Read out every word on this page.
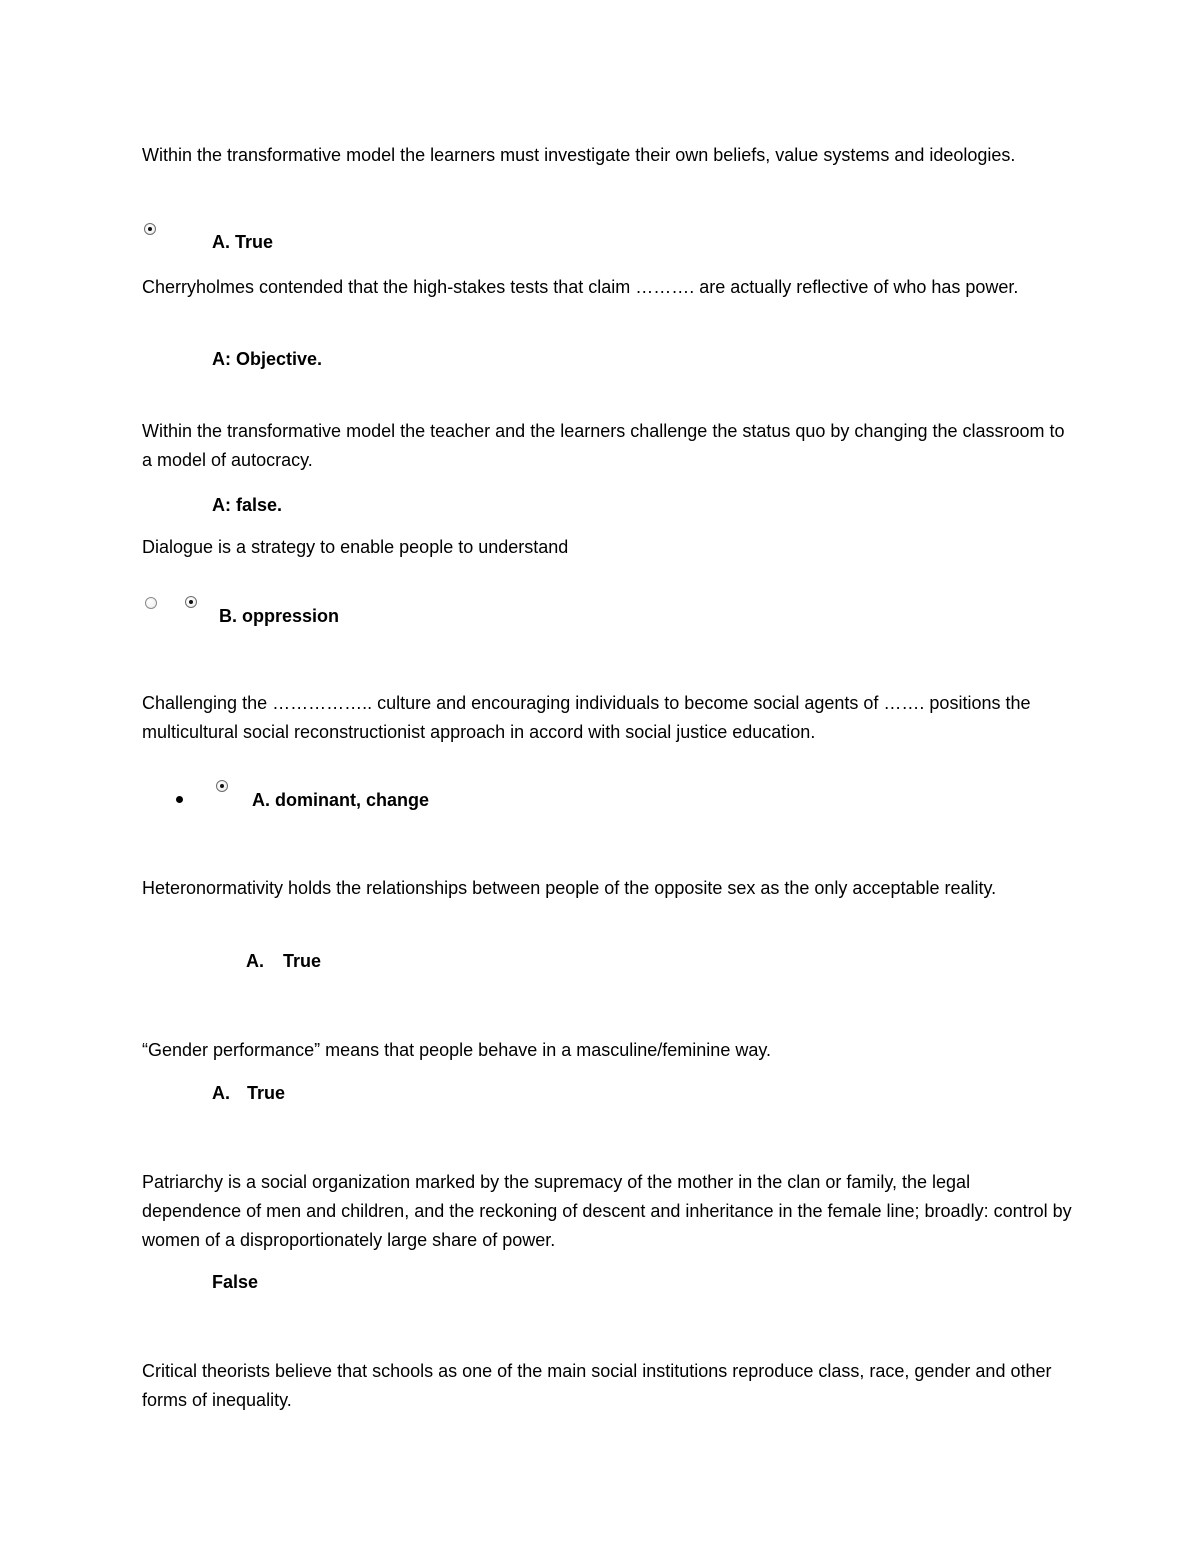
Within the transformative model the learners must investigate their own beliefs, value systems and ideologies.

A. True

Cherryholmes contended that the high-stakes tests that claim ………. are actually reflective of who has power.

A: Objective.

Within the transformative model the teacher and the learners challenge the status quo by changing the classroom to a model of autocracy.

A: false.

Dialogue is a strategy to enable people to understand

B. oppression

Challenging the …………….. culture and encouraging individuals to become social agents of ……. positions the multicultural social reconstructionist approach in accord with social justice education.

A. dominant, change

Heteronormativity holds the relationships between people of the opposite sex as the only acceptable reality.

A. True

“Gender performance” means that people behave in a masculine/feminine way.

A. True

Patriarchy is a social organization marked by the supremacy of the mother in the clan or family, the legal dependence of men and children, and the reckoning of descent and inheritance in the female line; broadly: control by women of a disproportionately large share of power.

False

Critical theorists believe that schools as one of the main social institutions reproduce class, race, gender and other forms of inequality.
